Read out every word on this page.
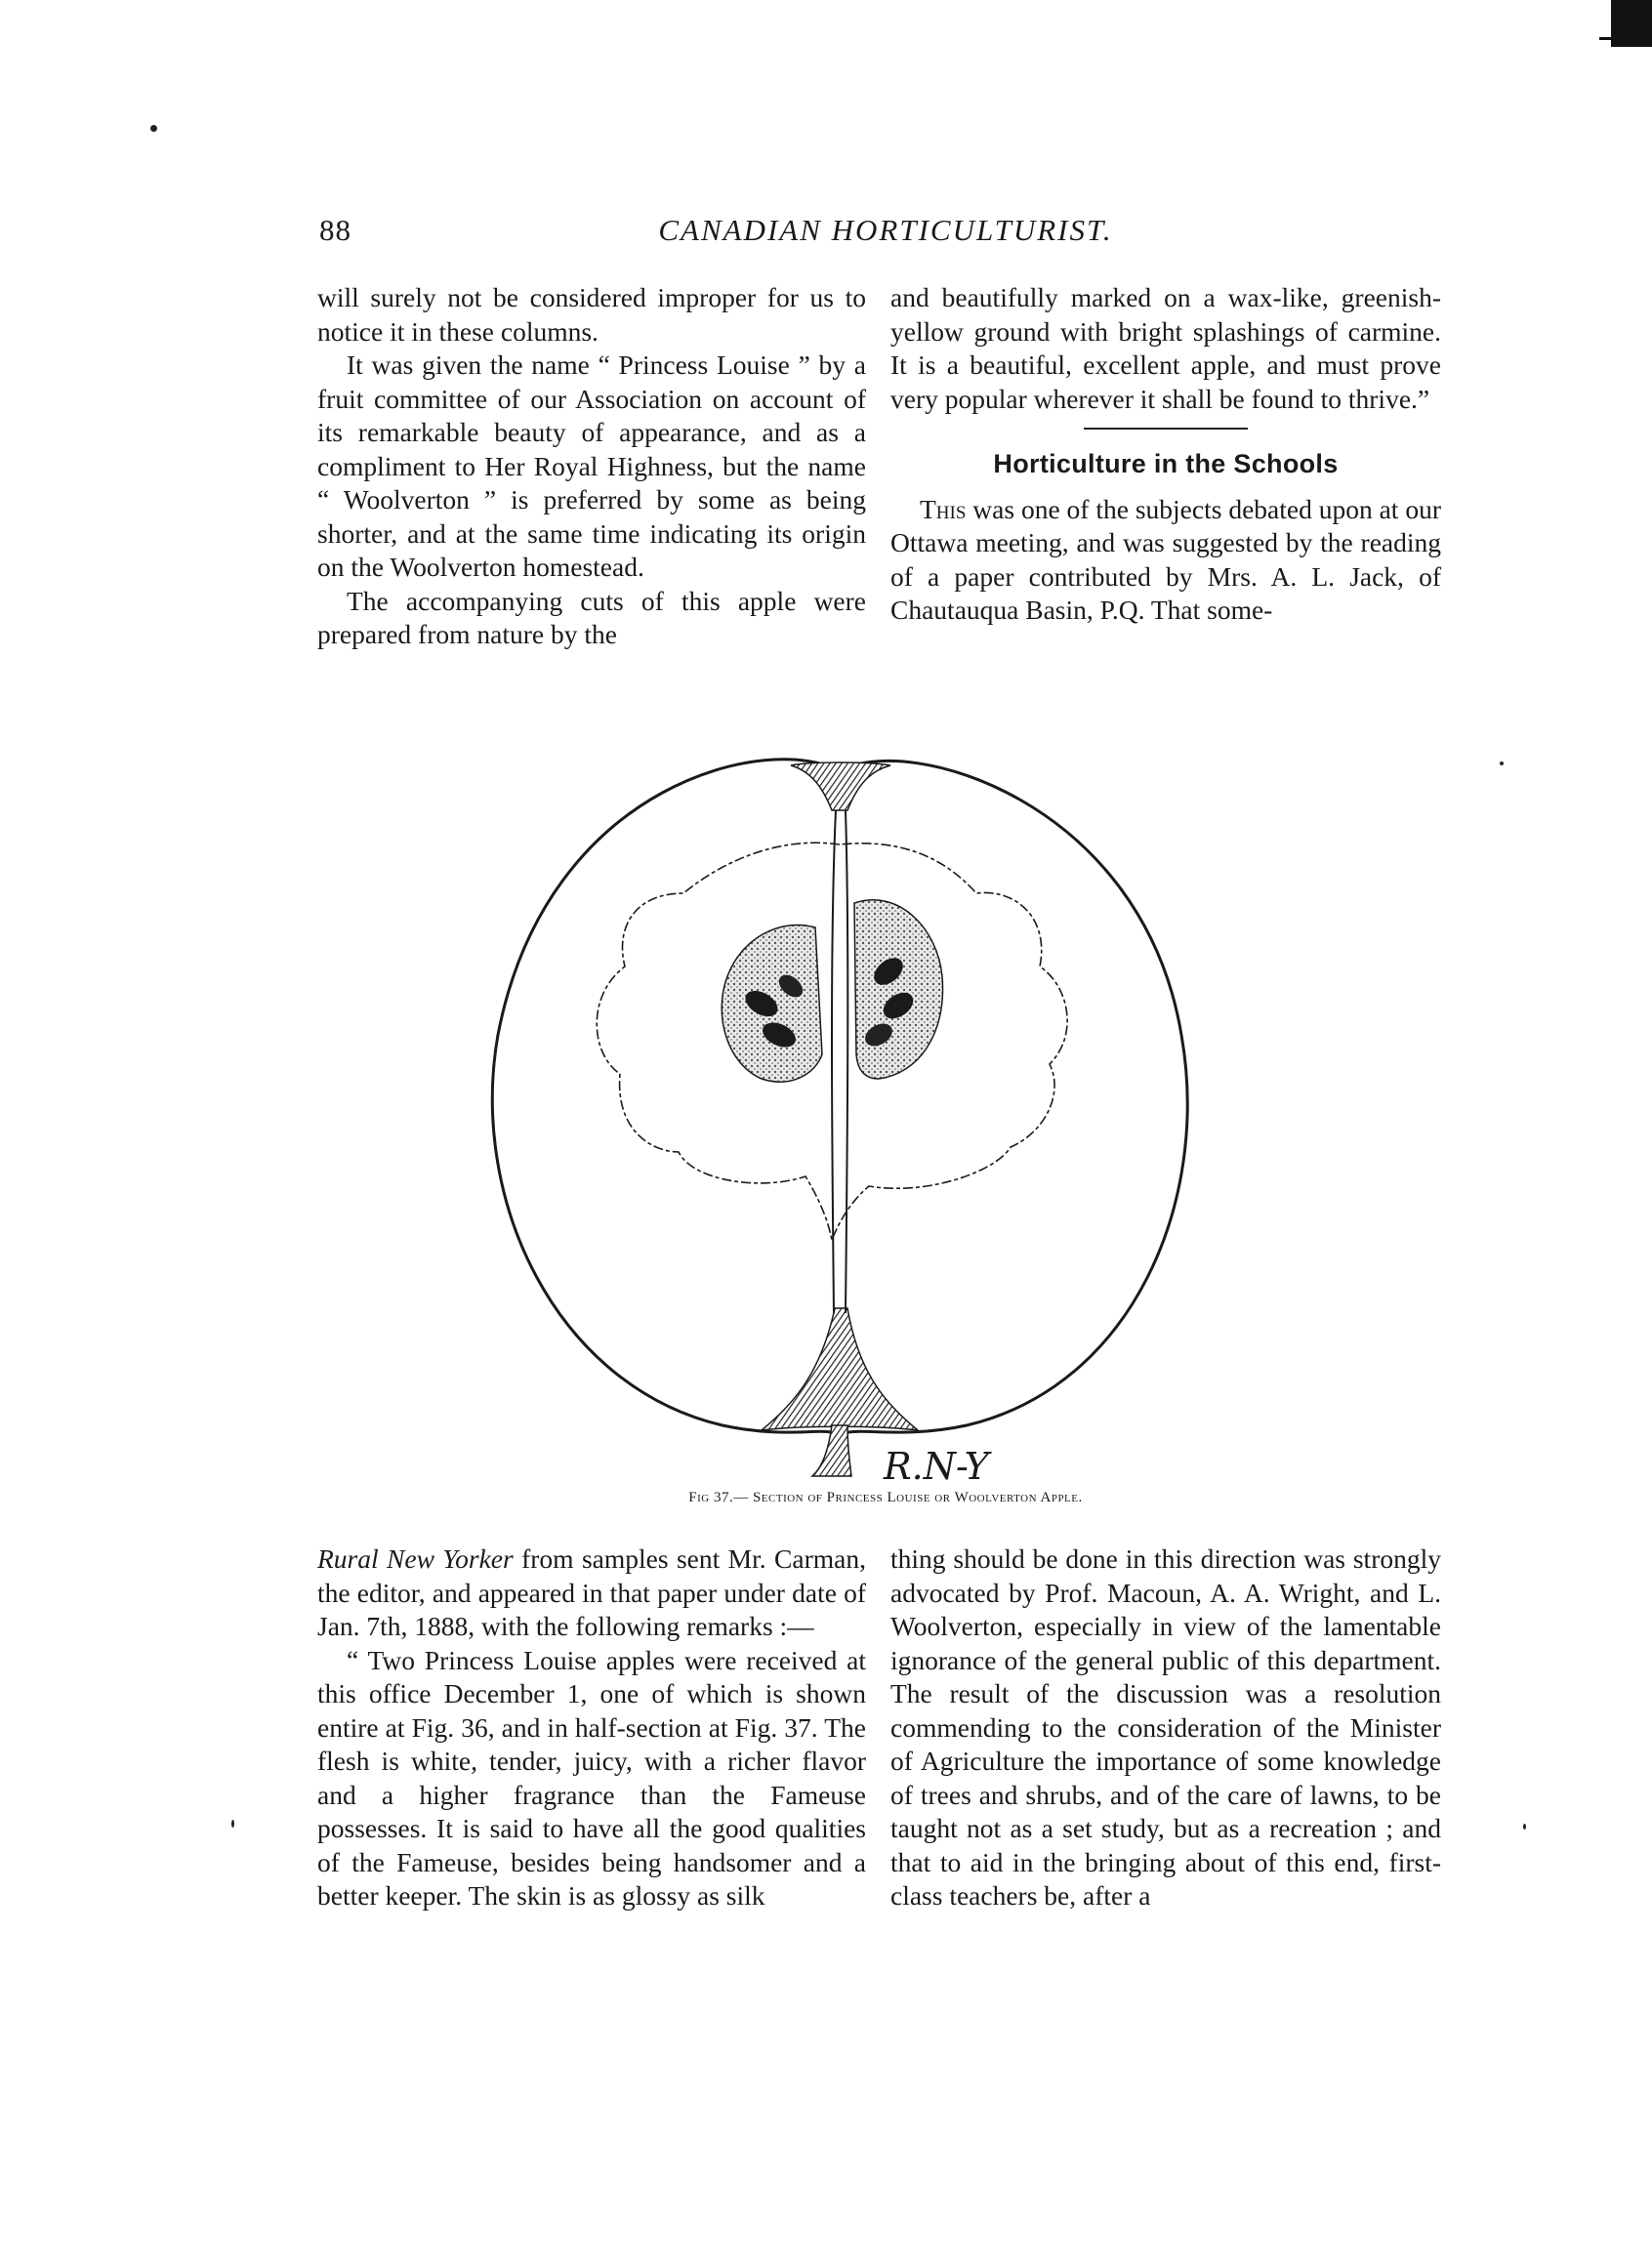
88	CANADIAN HORTICULTURIST.

will surely not be considered improper for us to notice it in these columns.

It was given the name “ Princess Louise ” by a fruit committee of our Association on account of its remarkable beauty of appearance, and as a compliment to Her Royal Highness, but the name “ Woolverton ” is preferred by some as being shorter, and at the same time indicating its origin on the Woolverton homestead.

The accompanying cuts of this apple were prepared from nature by the

and beautifully marked on a wax-like, greenish-yellow ground with bright splashings of carmine. It is a beautiful, excellent apple, and must prove very popular wherever it shall be found to thrive.”

Horticulture in the Schools

This was one of the subjects debated upon at our Ottawa meeting, and was suggested by the reading of a paper contributed by Mrs. A. L. Jack, of Chautauqua Basin, P.Q. That some-

R.N-Y
Fig 37.— Section of Princess Louise or Woolverton Apple.

Rural New Yorker from samples sent Mr. Carman, the editor, and appeared in that paper under date of Jan. 7th, 1888, with the following remarks :—

“ Two Princess Louise apples were received at this office December 1, one of which is shown entire at Fig. 36, and in half-section at Fig. 37. The flesh is white, tender, juicy, with a richer flavor and a higher fragrance than the Fameuse possesses. It is said to have all the good qualities of the Fameuse, besides being handsomer and a better keeper. The skin is as glossy as silk

thing should be done in this direction was strongly advocated by Prof. Macoun, A. A. Wright, and L. Woolverton, especially in view of the lamentable ignorance of the general public of this department. The result of the discussion was a resolution commending to the consideration of the Minister of Agriculture the importance of some knowledge of trees and shrubs, and of the care of lawns, to be taught not as a set study, but as a recreation ; and that to aid in the bringing about of this end, first-class teachers be, after a
